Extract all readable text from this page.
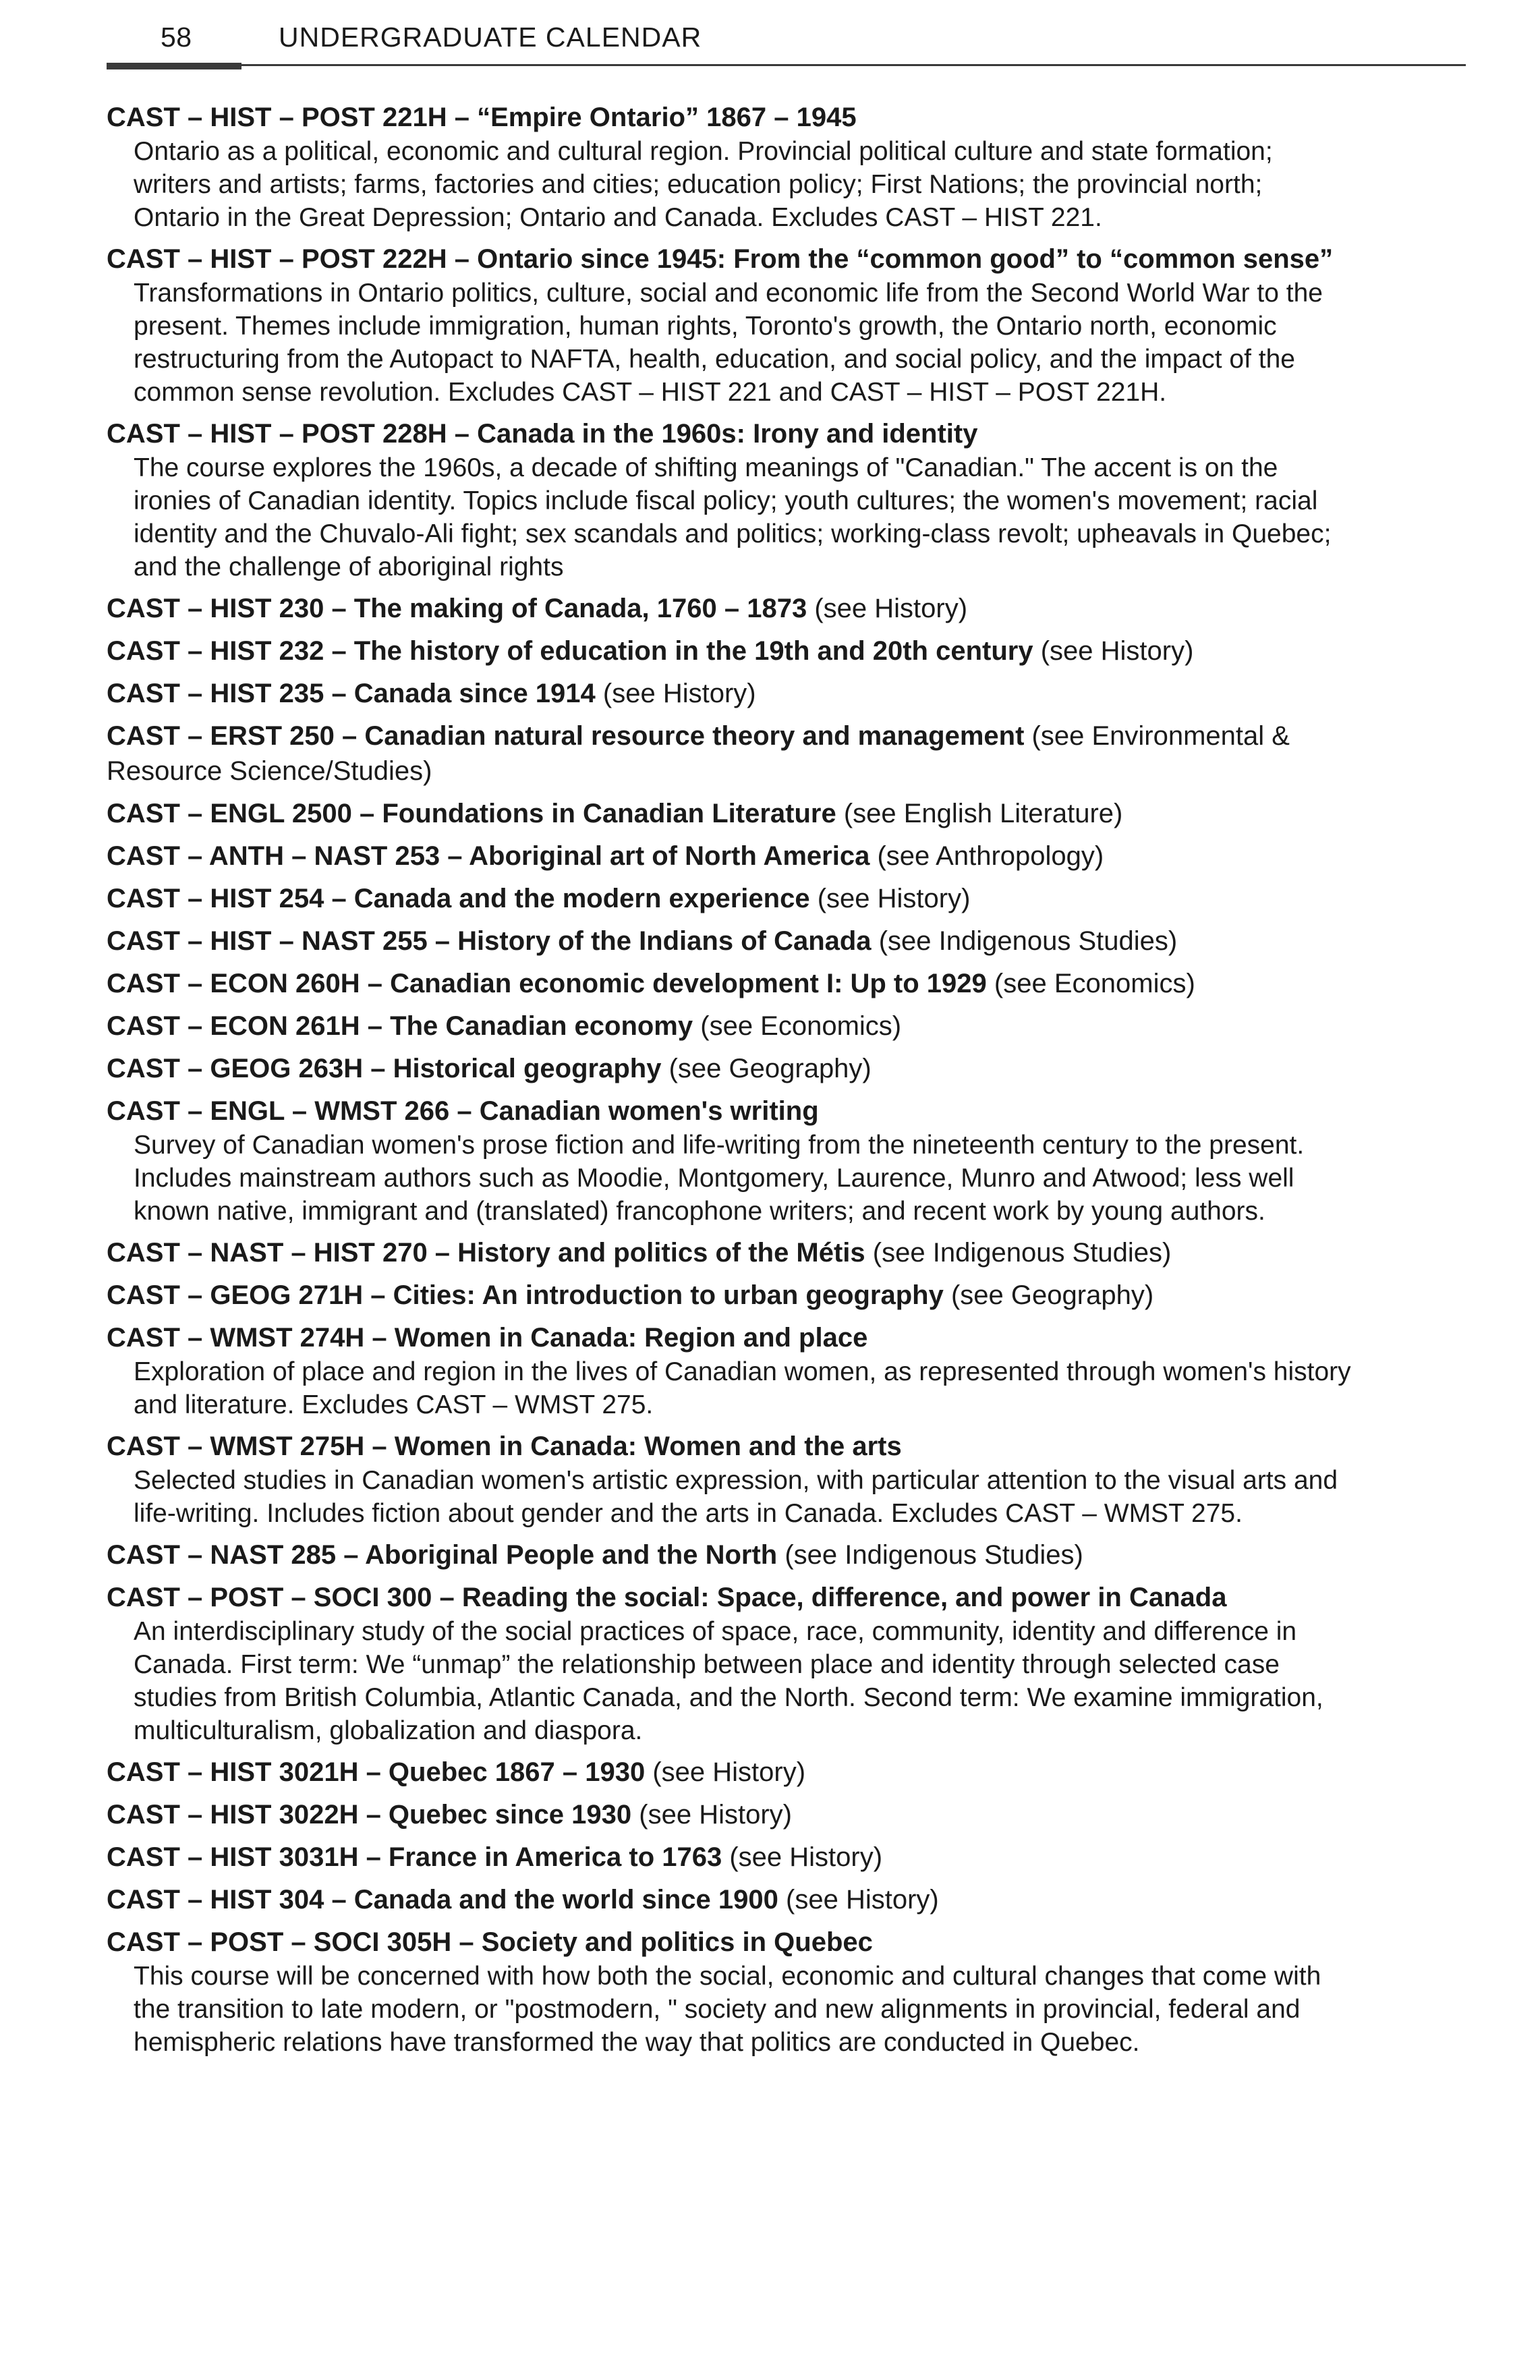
58	UNDERGRADUATE CALENDAR
CAST – HIST – POST 221H – “Empire Ontario” 1867 – 1945
Ontario as a political, economic and cultural region. Provincial political culture and state formation; writers and artists; farms, factories and cities; education policy; First Nations; the provincial north; Ontario in the Great Depression; Ontario and Canada. Excludes CAST – HIST 221.
CAST – HIST – POST 222H – Ontario since 1945: From the “common good” to “common sense”
Transformations in Ontario politics, culture, social and economic life from the Second World War to the present. Themes include immigration, human rights, Toronto's growth, the Ontario north, economic restructuring from the Autopact to NAFTA, health, education, and social policy, and the impact of the common sense revolution. Excludes CAST – HIST 221 and CAST – HIST – POST 221H.
CAST – HIST – POST 228H – Canada in the 1960s: Irony and identity
The course explores the 1960s, a decade of shifting meanings of "Canadian." The accent is on the ironies of Canadian identity. Topics include fiscal policy; youth cultures; the women's movement; racial identity and the Chuvalo-Ali fight; sex scandals and politics; working-class revolt; upheavals in Quebec; and the challenge of aboriginal rights
CAST – HIST 230 – The making of Canada, 1760 – 1873 (see History)
CAST – HIST 232 – The history of education in the 19th and 20th century (see History)
CAST – HIST 235 – Canada since 1914 (see History)
CAST – ERST 250 – Canadian natural resource theory and management (see Environmental & Resource Science/Studies)
CAST – ENGL 2500 – Foundations in Canadian Literature (see English Literature)
CAST – ANTH – NAST 253 – Aboriginal art of North America (see Anthropology)
CAST – HIST 254 – Canada and the modern experience (see History)
CAST – HIST – NAST 255 – History of the Indians of Canada (see Indigenous Studies)
CAST – ECON 260H – Canadian economic development I: Up to 1929 (see Economics)
CAST – ECON 261H – The Canadian economy (see Economics)
CAST – GEOG 263H – Historical geography (see Geography)
CAST – ENGL – WMST 266 – Canadian women's writing
Survey of Canadian women's prose fiction and life-writing from the nineteenth century to the present. Includes mainstream authors such as Moodie, Montgomery, Laurence, Munro and Atwood; less well known native, immigrant and (translated) francophone writers; and recent work by young authors.
CAST – NAST – HIST 270 – History and politics of the Métis (see Indigenous Studies)
CAST – GEOG 271H – Cities: An introduction to urban geography (see Geography)
CAST – WMST 274H – Women in Canada: Region and place
Exploration of place and region in the lives of Canadian women, as represented through women's history and literature. Excludes CAST – WMST 275.
CAST – WMST 275H – Women in Canada: Women and the arts
Selected studies in Canadian women's artistic expression, with particular attention to the visual arts and life-writing. Includes fiction about gender and the arts in Canada. Excludes CAST – WMST 275.
CAST – NAST 285 – Aboriginal People and the North (see Indigenous Studies)
CAST – POST – SOCI 300 – Reading the social: Space, difference, and power in Canada
An interdisciplinary study of the social practices of space, race, community, identity and difference in Canada. First term: We “unmap” the relationship between place and identity through selected case studies from British Columbia, Atlantic Canada, and the North. Second term: We examine immigration, multiculturalism, globalization and diaspora.
CAST – HIST 3021H – Quebec 1867 – 1930 (see History)
CAST – HIST 3022H – Quebec since 1930 (see History)
CAST – HIST 3031H – France in America to 1763 (see History)
CAST – HIST 304 – Canada and the world since 1900 (see History)
CAST – POST – SOCI 305H – Society and politics in Quebec
This course will be concerned with how both the social, economic and cultural changes that come with the transition to late modern, or "postmodern, " society and new alignments in provincial, federal and hemispheric relations have transformed the way that politics are conducted in Quebec.
